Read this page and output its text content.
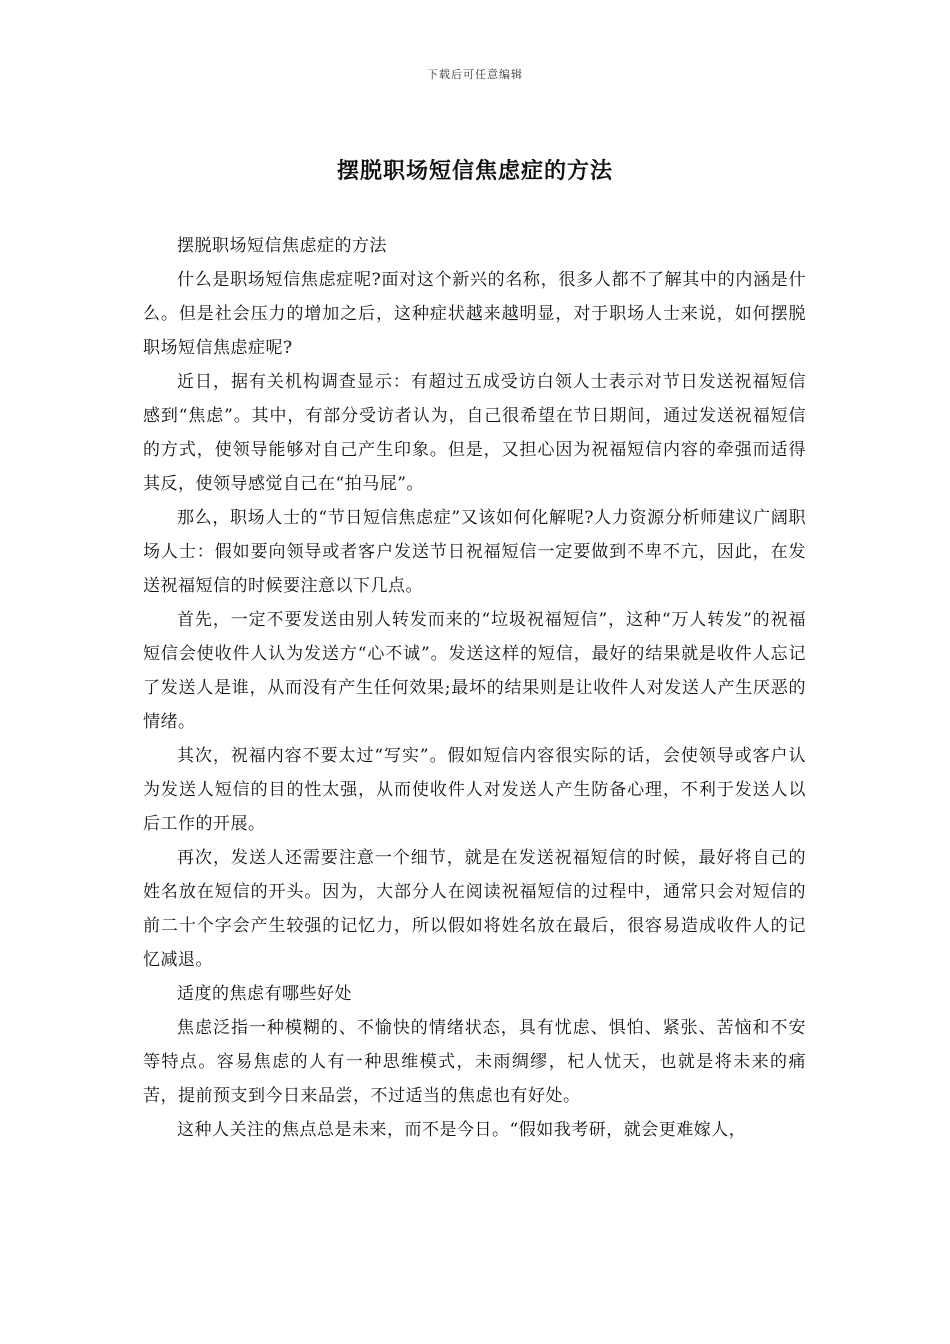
下载后可任意编辑
摆脱职场短信焦虑症的方法

摆脱职场短信焦虑症的方法

什么是职场短信焦虑症呢?面对这个新兴的名称，很多人都不了解其中的内涵是什么。但是社会压力的增加之后，这种症状越来越明显，对于职场人士来说，如何摆脱职场短信焦虑症呢?

近日，据有关机构调查显示：有超过五成受访白领人士表示对节日发送祝福短信感到“焦虑”。其中，有部分受访者认为，自己很希望在节日期间，通过发送祝福短信的方式，使领导能够对自己产生印象。但是，又担心因为祝福短信内容的牵强而适得其反，使领导感觉自己在“拍马屁”。

那么，职场人士的“节日短信焦虑症”又该如何化解呢?人力资源分析师建议广阔职场人士：假如要向领导或者客户发送节日祝福短信一定要做到不卑不亢，因此，在发送祝福短信的时候要注意以下几点。

首先，一定不要发送由别人转发而来的“垃圾祝福短信”，这种“万人转发”的祝福短信会使收件人认为发送方“心不诚”。发送这样的短信，最好的结果就是收件人忘记了发送人是谁，从而没有产生任何效果;最坏的结果则是让收件人对发送人产生厌恶的情绪。

其次，祝福内容不要太过“写实”。假如短信内容很实际的话，会使领导或客户认为发送人短信的目的性太强，从而使收件人对发送人产生防备心理，不利于发送人以后工作的开展。

再次，发送人还需要注意一个细节，就是在发送祝福短信的时候，最好将自己的姓名放在短信的开头。因为，大部分人在阅读祝福短信的过程中，通常只会对短信的前二十个字会产生较强的记忆力，所以假如将姓名放在最后，很容易造成收件人的记忆减退。

适度的焦虑有哪些好处

焦虑泛指一种模糊的、不愉快的情绪状态，具有忧虑、惧怕、紧张、苦恼和不安等特点。容易焦虑的人有一种思维模式，未雨绸缪，杞人忧天，也就是将未来的痛苦，提前预支到今日来品尝，不过适当的焦虑也有好处。

这种人关注的焦点总是未来，而不是今日。“假如我考研，就会更难嫁人，
